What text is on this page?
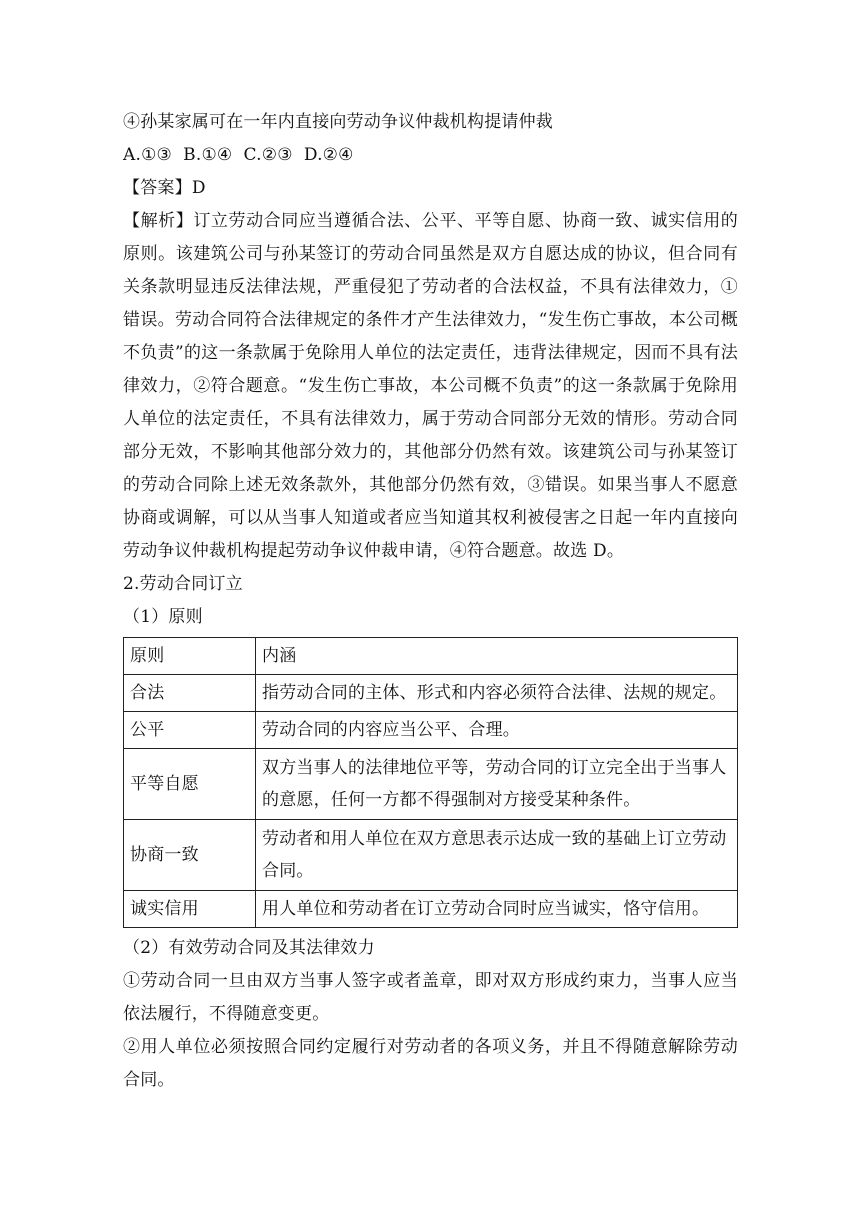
④孙某家属可在一年内直接向劳动争议仲裁机构提请仲裁

A.①③  B.①④  C.②③  D.②④

【答案】D

【解析】订立劳动合同应当遵循合法、公平、平等自愿、协商一致、诚实信用的原则。该建筑公司与孙某签订的劳动合同虽然是双方自愿达成的协议，但合同有关条款明显违反法律法规，严重侵犯了劳动者的合法权益，不具有法律效力，①错误。劳动合同符合法律规定的条件才产生法律效力，“发生伤亡事故，本公司概不负责”的这一条款属于免除用人单位的法定责任，违背法律规定，因而不具有法律效力，②符合题意。“发生伤亡事故，本公司概不负责”的这一条款属于免除用人单位的法定责任，不具有法律效力，属于劳动合同部分无效的情形。劳动合同部分无效，不影响其他部分效力的，其他部分仍然有效。该建筑公司与孙某签订的劳动合同除上述无效条款外，其他部分仍然有效，③错误。如果当事人不愿意协商或调解，可以从当事人知道或者应当知道其权利被侵害之日起一年内直接向劳动争议仲裁机构提起劳动争议仲裁申请，④符合题意。故选 D。

2.劳动合同订立

（1）原则

原则	内涵
合法	指劳动合同的主体、形式和内容必须符合法律、法规的规定。
公平	劳动合同的内容应当公平、合理。
平等自愿	双方当事人的法律地位平等，劳动合同的订立完全出于当事人的意愿，任何一方都不得强制对方接受某种条件。
协商一致	劳动者和用人单位在双方意思表示达成一致的基础上订立劳动合同。
诚实信用	用人单位和劳动者在订立劳动合同时应当诚实，恪守信用。

（2）有效劳动合同及其法律效力

①劳动合同一旦由双方当事人签字或者盖章，即对双方形成约束力，当事人应当依法履行，不得随意变更。

②用人单位必须按照合同约定履行对劳动者的各项义务，并且不得随意解除劳动合同。
